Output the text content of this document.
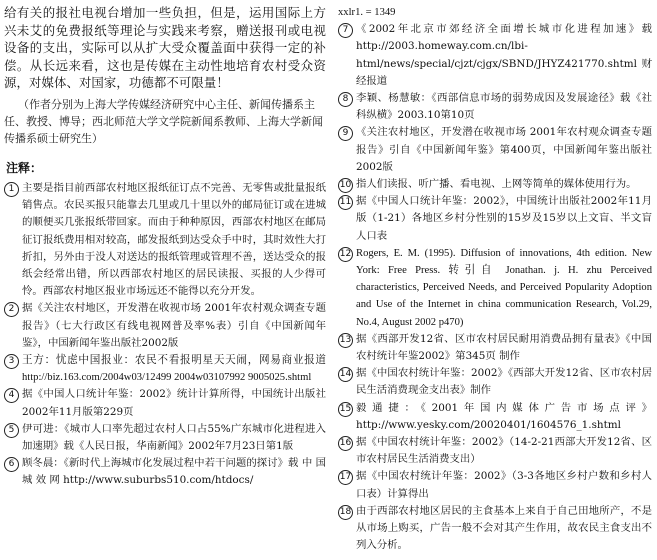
给有关的报社电视台增加一些负担，但是，运用国际上方兴未艾的免费报纸等理论与实践来考察，赠送报刊或电视设备的支出，实际可以从扩大受众覆盖面中获得一定的补偿。从长远来看，这也是传媒在主动性地培育农村受众资源，对媒体、对国家，功德都不可限量！

（作者分别为上海大学传媒经济研究中心主任、新闻传播系主任、教授、博导；西北师范大学文学院新闻系教师、上海大学新闻传播系硕士研究生）

注释：
1 主要是指目前西部农村地区报纸征订点不完善、无零售或批量报纸销售点。农民买报只能靠去几里或几十里以外的邮局征订或在进城的顺便买几张报纸带回家。而由于种种原因，西部农村地区在邮局征订报纸费用相对较高，邮发报纸到达受众手中时，其时效性大打折扣，另外由于没人对送达的报纸管理或管理不善，送达受众的报纸会经常出错，所以西部农村地区的居民读报、买报的人少得可怜。西部农村地区报业市场远还不能得以充分开发。
2 据《关注农村地区，开发潜在收视市场 2001年农村观众调查专题报告》（七大行政区有线电视网普及率%表）引自《中国新闻年鉴》，中国新闻年鉴出版社2002版
3 王方：忧虑中国报业：农民不看报明星天天闹，网易商业报道 http://biz.163.com/2004w03/12499 2004w03107992 9005025.shtml
4 据《中国人口统计年鉴：2002》统计计算所得，中国统计出版社2002年11月版第229页
5 伊可进：《城市人口率先超过农村人口占55%广东城市化进程进入加速期》载《人民日报，华南新闻》2002年7月23日第1版
6 顾冬晨：《新时代上海城市化发展过程中若干问题的探讨》载 中 国 城 效 网 http://www.suburbs510.com/htdocs/
xxlr1. = 1349
7 《2002年北京市郊经济全面增长城市化进程加速》载 http://2003.homeway.com.cn/lbi-html/news/special/cjzt/cjgx/SBND/JHYZ421770.shtml 财经报道
8 李颖、杨慧敏：《西部信息市场的弱势成因及发展途径》载《社科纵横》2003.10第10页
9 《关注农村地区，开发潜在收视市场 2001年农村观众调查专题报告》引自《中国新闻年鉴》第400页，中国新闻年鉴出版社2002版
10 指人们读报、听广播、看电视、上网等简单的媒体使用行为。
11 据《中国人口统计年鉴：2002》，中国统计出版社2002年11月版（1-21）各地区乡村分性别的15岁及15岁以上文盲、半文盲人口表
12 Rogers, E. M. (1995). Diffusion of innovations, 4th edition. New York: Free Press. 转引自 Jonathan. j. H. zhu Perceived characteristics, Perceived Needs, and Perceived Popularity Adoption and Use of the Internet in china communication Research, Vol.29, No.4, August 2002 p470)
13 据《西部开发12省、区市农村居民耐用消费品拥有量表》《中国农村统计年鉴2002》第345页 制作
14 据《中国农村统计年鉴：2002》《西部大开发12省、区市农村居民生活消费现金支出表》制作
15 毅通捷：《2001年国内媒体广告市场点评》 http://www.yesky.com/20020401/1604576_1.shtml
16 据《中国农村统计年鉴：2002》（14-2-21西部大开发12省、区市农村居民生活消费支出）
17 据《中国农村统计年鉴：2002》（3-3各地区乡村户数和乡村人口表）计算得出
18 由于西部农村地区居民的主食基本上来自于自己田地所产，不是从市场上购买，广告一般不会对其产生作用，故农民主食支出不列入分析。
